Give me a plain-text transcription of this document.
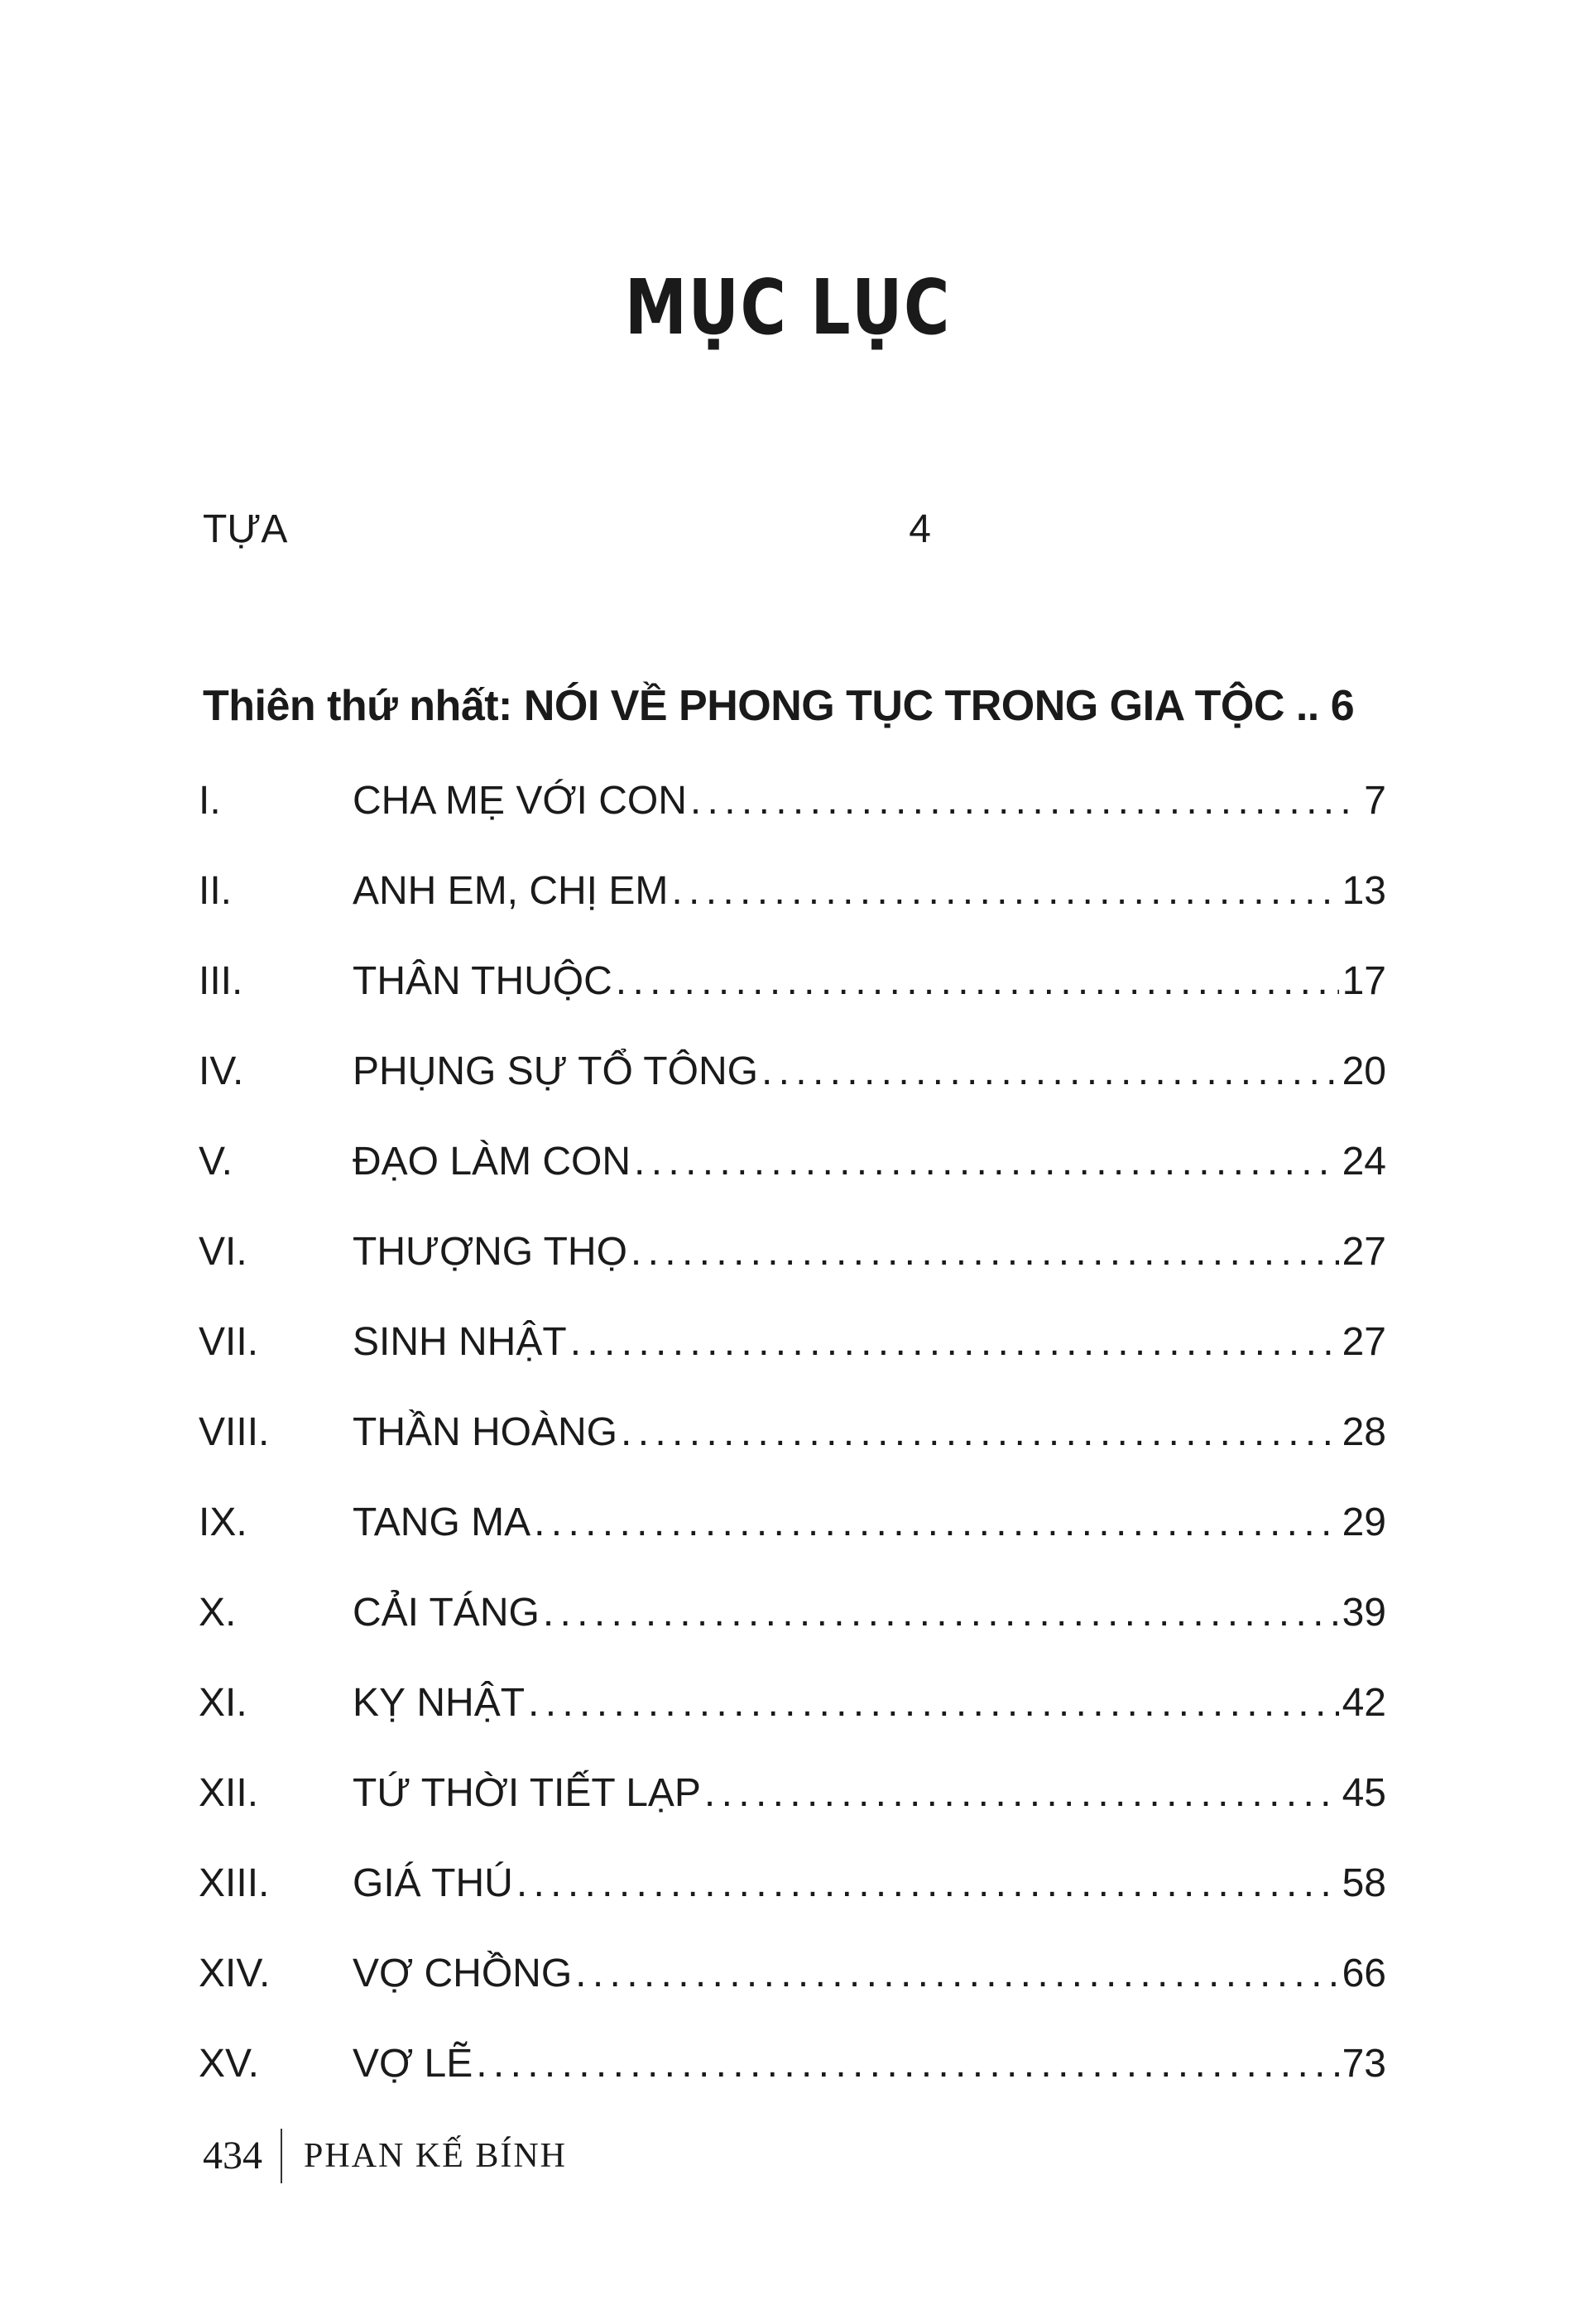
MỤC LỤC
TỰA	4
Thiên thứ nhất: NÓI VỀ PHONG TỤC TRONG GIA TỘC .. 6
I.	CHA MẸ VỚI CON . . .	7
II.	ANH EM, CHỊ EM . . .	13
III.	THÂN THUỘC . . .	17
IV.	PHỤNG SỰ TỔ TÔNG . . .	20
V.	ĐẠO LÀM CON . . .	24
VI.	THƯỢNG THỌ . . .	27
VII.	SINH NHẬT . . .	27
VIII.	THẦN HOÀNG . . .	28
IX.	TANG MA . . .	29
X.	CẢI TÁNG . . .	39
XI.	KỴ NHẬT . . .	42
XII.	TỨ THỜI TIẾT LẠP . . .	45
XIII.	GIÁ THÚ . . .	58
XIV.	VỢ CHỒNG . . .	66
XV.	VỢ LẼ . . .	73
434	PHAN KẾ BÍNH
